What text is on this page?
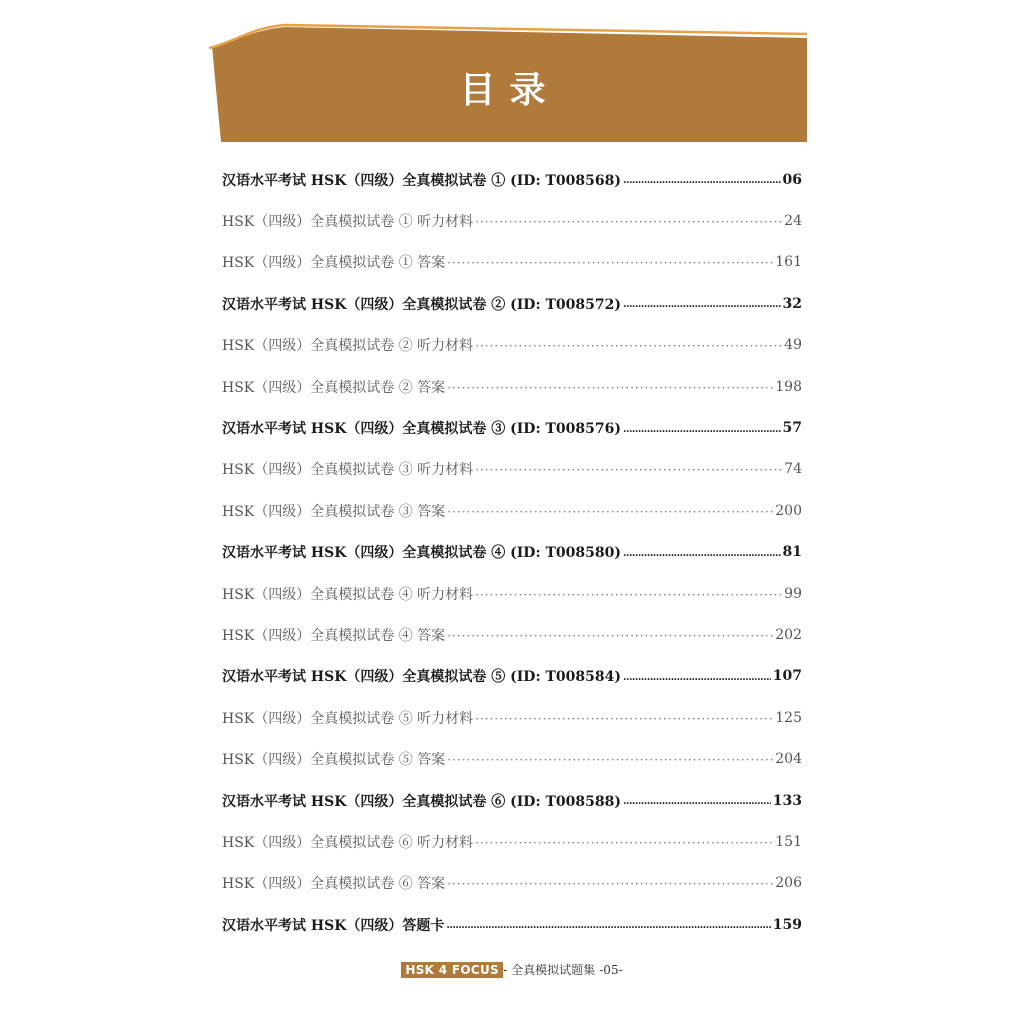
目录
汉语水平考试 HSK（四级）全真模拟试卷 ① (ID: T008568) .....	06
HSK（四级）全真模拟试卷 ① 听力材料 ·····	24
HSK（四级）全真模拟试卷 ① 答案 ·····	161
汉语水平考试 HSK（四级）全真模拟试卷 ② (ID: T008572) .....	32
HSK（四级）全真模拟试卷 ② 听力材料 ·····	49
HSK（四级）全真模拟试卷 ② 答案 ·····	198
汉语水平考试 HSK（四级）全真模拟试卷 ③ (ID: T008576) .....	57
HSK（四级）全真模拟试卷 ③ 听力材料 ·····	74
HSK（四级）全真模拟试卷 ③ 答案 ·····	200
汉语水平考试 HSK（四级）全真模拟试卷 ④ (ID: T008580) .....	81
HSK（四级）全真模拟试卷 ④ 听力材料 ·····	99
HSK（四级）全真模拟试卷 ④ 答案 ·····	202
汉语水平考试 HSK（四级）全真模拟试卷 ⑤ (ID: T008584) .....	107
HSK（四级）全真模拟试卷 ⑤ 听力材料 ·····	125
HSK（四级）全真模拟试卷 ⑤ 答案 ·····	204
汉语水平考试 HSK（四级）全真模拟试卷 ⑥ (ID: T008588) .....	133
HSK（四级）全真模拟试卷 ⑥ 听力材料 ·····	151
HSK（四级）全真模拟试卷 ⑥ 答案 ·····	206
汉语水平考试 HSK（四级）答题卡 .....	159
HSK 4 FOCUS - 全真模拟试题集 -05-
